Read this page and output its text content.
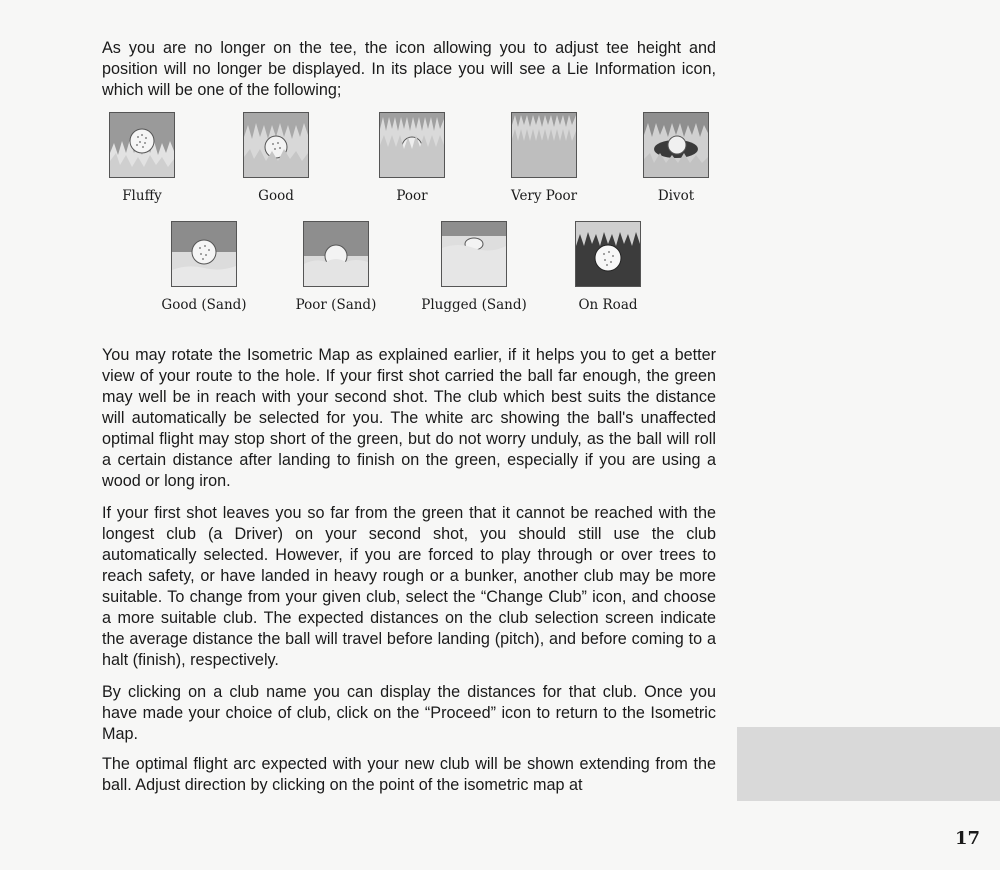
As you are no longer on the tee, the icon allowing you to adjust tee height and position will no longer be displayed. In its place you will see a Lie Information icon, which will be one of the following;

Fluffy	Good	Poor	Very Poor	Divot
Good (Sand)	Poor (Sand)	Plugged (Sand)	On Road

You may rotate the Isometric Map as explained earlier, if it helps you to get a better view of your route to the hole. If your first shot carried the ball far enough, the green may well be in reach with your second shot. The club which best suits the distance will automatically be selected for you. The white arc showing the ball's unaffected optimal flight may stop short of the green, but do not worry unduly, as the ball will roll a certain distance after landing to finish on the green, especially if you are using a wood or long iron.

If your first shot leaves you so far from the green that it cannot be reached with the longest club (a Driver) on your second shot, you should still use the club automatically selected. However, if you are forced to play through or over trees to reach safety, or have landed in heavy rough or a bunker, another club may be more suitable. To change from your given club, select the “Change Club” icon, and choose a more suitable club. The expected distances on the club selection screen indicate the average distance the ball will travel before landing (pitch), and before coming to a halt (finish), respectively.

By clicking on a club name you can display the distances for that club. Once you have made your choice of club, click on the “Proceed” icon to return to the Isometric Map.

The optimal flight arc expected with your new club will be shown extending from the ball. Adjust direction by clicking on the point of the isometric map at

17
